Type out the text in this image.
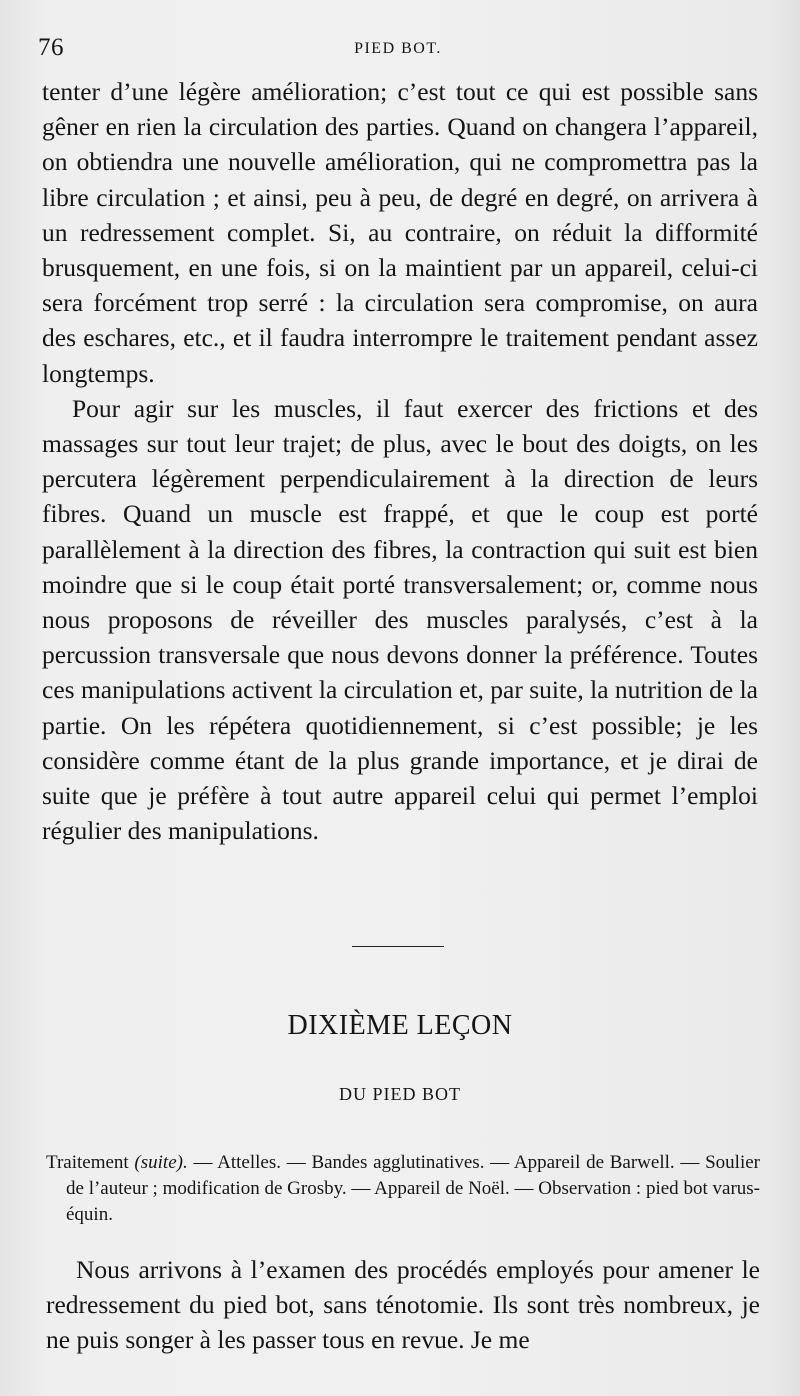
76	PIED BOT.

tenter d’une légère amélioration; c’est tout ce qui est possible sans gêner en rien la circulation des parties. Quand on changera l’appareil, on obtiendra une nouvelle amélioration, qui ne compromettra pas la libre circulation ; et ainsi, peu à peu, de degré en degré, on arrivera à un redressement complet. Si, au contraire, on réduit la difformité brusquement, en une fois, si on la maintient par un appareil, celui-ci sera forcément trop serré : la circulation sera compromise, on aura des eschares, etc., et il faudra interrompre le traitement pendant assez longtemps.

Pour agir sur les muscles, il faut exercer des frictions et des massages sur tout leur trajet; de plus, avec le bout des doigts, on les percutera légèrement perpendiculairement à la direction de leurs fibres. Quand un muscle est frappé, et que le coup est porté parallèlement à la direction des fibres, la contraction qui suit est bien moindre que si le coup était porté transversalement; or, comme nous nous proposons de réveiller des muscles paralysés, c’est à la percussion transversale que nous devons donner la préférence. Toutes ces manipulations activent la circulation et, par suite, la nutrition de la partie. On les répétera quotidiennement, si c’est possible; je les considère comme étant de la plus grande importance, et je dirai de suite que je préfère à tout autre appareil celui qui permet l’emploi régulier des manipulations.

DIXIÈME LEÇON
DU PIED BOT

Traitement (suite). — Attelles. — Bandes agglutinatives. — Appareil de Barwell. — Soulier de l’auteur ; modification de Grosby. — Appareil de Noël. — Observation : pied bot varus-équin.

Nous arrivons à l’examen des procédés employés pour amener le redressement du pied bot, sans ténotomie. Ils sont très nombreux, je ne puis songer à les passer tous en revue. Je me
